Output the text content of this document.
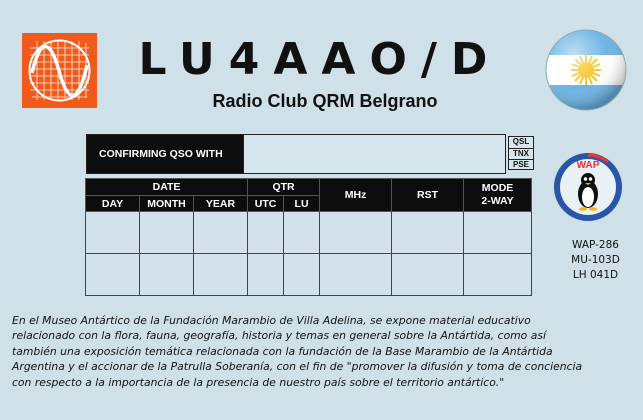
LU4AAO/D
Radio Club QRM Belgrano
WAP
WAP-286
MU-103D
LH 041D
CONFIRMING QSO WITH
QSL
TNX
PSE
DATE			QTR		MHz	RST	MODE
2-WAY
DAY	MONTH	YEAR	UTC	LU			

En el Museo Antártico de la Fundación Marambio de Villa Adelina, se expone material educativo
relacionado con la flora, fauna, geografía, historia y temas en general sobre la Antártida, como así
también una exposición temática relacionada con la fundación de la Base Marambio de la Antártida
Argentina y el accionar de la Patrulla Soberanía, con el fin de "promover la difusión y toma de conciencia
con respecto a la importancia de la presencia de nuestro país sobre el territorio antártico."
